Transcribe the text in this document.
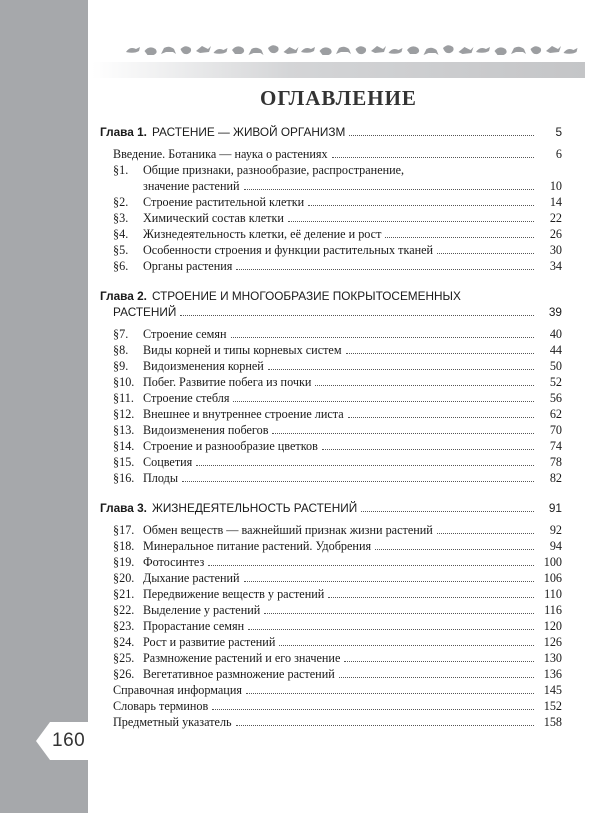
160
ОГЛАВЛЕНИЕ
Глава 1. РАСТЕНИЕ — ЖИВОЙ ОРГАНИЗМ	5
Введение. Ботаника — наука о растениях	6
§1.	Общие признаки, разнообразие, распространение,
значение растений	10
§2.	Строение растительной клетки	14
§3.	Химический состав клетки	22
§4.	Жизнедеятельность клетки, её деление и рост	26
§5.	Особенности строения и функции растительных тканей	30
§6.	Органы растения	34
Глава 2. СТРОЕНИЕ И МНОГООБРАЗИЕ ПОКРЫТОСЕМЕННЫХ
РАСТЕНИЙ	39
§7.	Строение семян	40
§8.	Виды корней и типы корневых систем	44
§9.	Видоизменения корней	50
§10. Побег. Развитие побега из почки	52
§11. Строение стебля	56
§12. Внешнее и внутреннее строение листа	62
§13. Видоизменения побегов	70
§14. Строение и разнообразие цветков	74
§15. Соцветия	78
§16. Плоды	82
Глава 3. ЖИЗНЕДЕЯТЕЛЬНОСТЬ РАСТЕНИЙ	91
§17. Обмен веществ — важнейший признак жизни растений	92
§18. Минеральное питание растений. Удобрения	94
§19. Фотосинтез	100
§20. Дыхание растений	106
§21. Передвижение веществ у растений	110
§22. Выделение у растений	116
§23. Прорастание семян	120
§24. Рост и развитие растений	126
§25. Размножение растений и его значение	130
§26. Вегетативное размножение растений	136
Справочная информация	145
Словарь терминов	152
Предметный указатель	158
